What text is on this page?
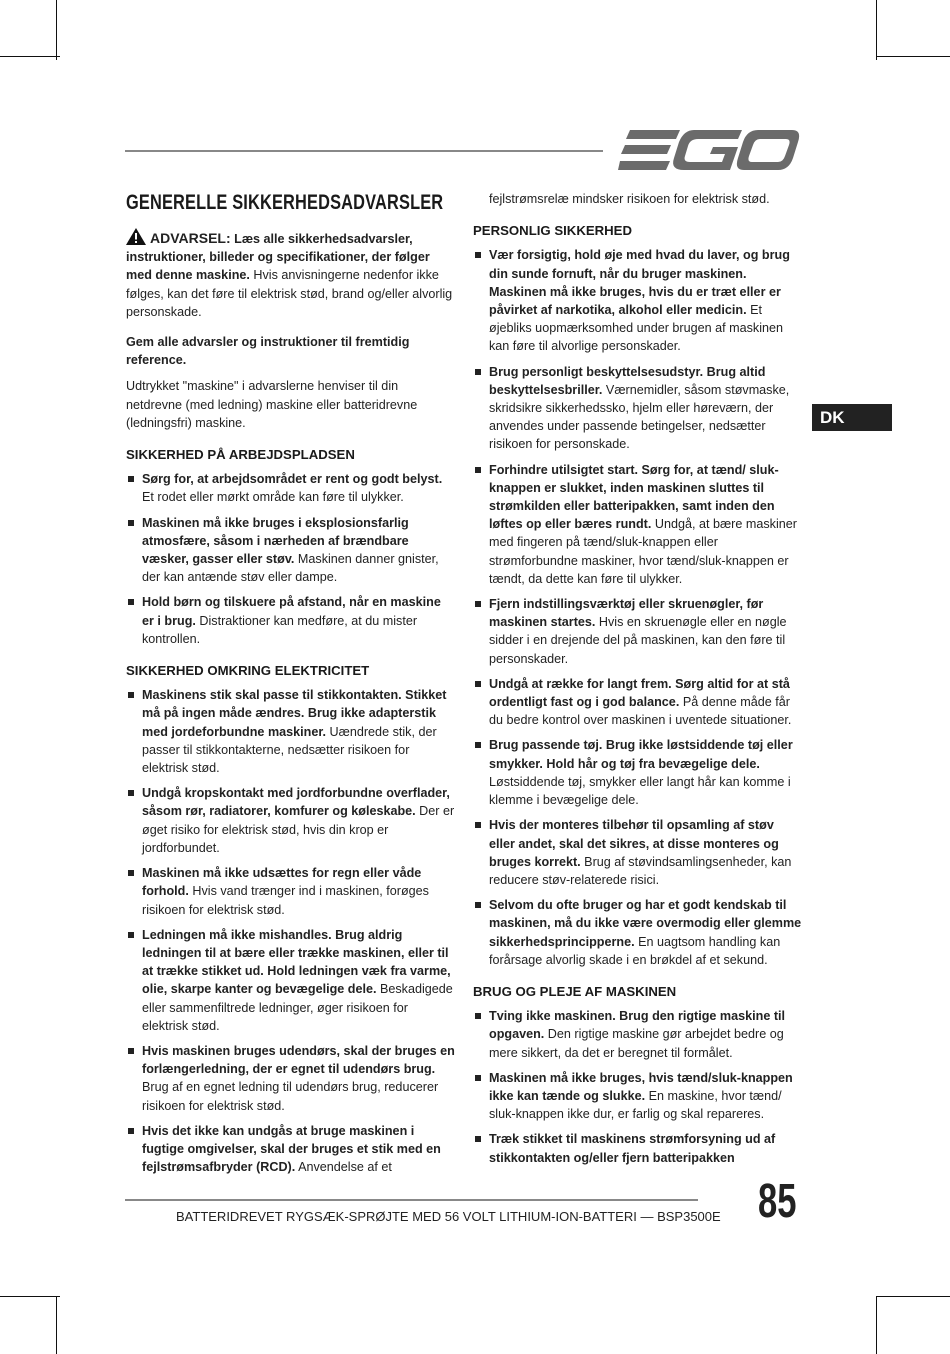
GENERELLE SIKKERHEDSADVARSLER

ADVARSEL: Læs alle sikkerhedsadvarsler, instruktioner, billeder og specifikationer, der følger med denne maskine. Hvis anvisningerne nedenfor ikke følges, kan det føre til elektrisk stød, brand og/eller alvorlig personskade.

Gem alle advarsler og instruktioner til fremtidig reference.

Udtrykket "maskine" i advarslerne henviser til din netdrevne (med ledning) maskine eller batteridrevne (ledningsfri) maskine.

SIKKERHED PÅ ARBEJDSPLADSEN
Sørg for, at arbejdsområdet er rent og godt belyst. Et rodet eller mørkt område kan føre til ulykker.
Maskinen må ikke bruges i eksplosionsfarlig atmosfære, såsom i nærheden af brændbare væsker, gasser eller støv. Maskinen danner gnister, der kan antænde støv eller dampe.
Hold børn og tilskuere på afstand, når en maskine er i brug. Distraktioner kan medføre, at du mister kontrollen.
SIKKERHED OMKRING ELEKTRICITET
Maskinens stik skal passe til stikkontakten. Stikket må på ingen måde ændres. Brug ikke adapterstik med jordeforbundne maskiner. Uændrede stik, der passer til stikkontakterne, nedsætter risikoen for elektrisk stød.
Undgå kropskontakt med jordforbundne overflader, såsom rør, radiatorer, komfurer og køleskabe. Der er øget risiko for elektrisk stød, hvis din krop er jordforbundet.
Maskinen må ikke udsættes for regn eller våde forhold. Hvis vand trænger ind i maskinen, forøges risikoen for elektrisk stød.
Ledningen må ikke mishandles. Brug aldrig ledningen til at bære eller trække maskinen, eller til at trække stikket ud. Hold ledningen væk fra varme, olie, skarpe kanter og bevægelige dele. Beskadigede eller sammenfiltrede ledninger, øger risikoen for elektrisk stød.
Hvis maskinen bruges udendørs, skal der bruges en forlængerledning, der er egnet til udendørs brug. Brug af en egnet ledning til udendørs brug, reducerer risikoen for elektrisk stød.
Hvis det ikke kan undgås at bruge maskinen i fugtige omgivelser, skal der bruges et stik med en fejlstrømsafbryder (RCD). Anvendelse af et

fejlstrømsrelæ mindsker risikoen for elektrisk stød.

PERSONLIG SIKKERHED
Vær forsigtig, hold øje med hvad du laver, og brug din sunde fornuft, når du bruger maskinen. Maskinen må ikke bruges, hvis du er træt eller er påvirket af narkotika, alkohol eller medicin. Et øjebliks uopmærksomhed under brugen af maskinen kan føre til alvorlige personskader.
Brug personligt beskyttelsesudstyr. Brug altid beskyttelsesbriller. Værnemidler, såsom støvmaske, skridsikre sikkerhedssko, hjelm eller høreværn, der anvendes under passende betingelser, nedsætter risikoen for personskade.
Forhindre utilsigtet start. Sørg for, at tænd/ sluk-knappen er slukket, inden maskinen sluttes til strømkilden eller batteripakken, samt inden den løftes op eller bæres rundt. Undgå, at bære maskiner med fingeren på tænd/sluk-knappen eller strømforbundne maskiner, hvor tænd/sluk-knappen er tændt, da dette kan føre til ulykker.
Fjern indstillingsværktøj eller skruenøgler, før maskinen startes. Hvis en skruenøgle eller en nøgle sidder i en drejende del på maskinen, kan den føre til personskader.
Undgå at række for langt frem. Sørg altid for at stå ordentligt fast og i god balance. På denne måde får du bedre kontrol over maskinen i uventede situationer.
Brug passende tøj. Brug ikke løstsiddende tøj eller smykker. Hold hår og tøj fra bevægelige dele. Løstsiddende tøj, smykker eller langt hår kan komme i klemme i bevægelige dele.
Hvis der monteres tilbehør til opsamling af støv eller andet, skal det sikres, at disse monteres og bruges korrekt. Brug af støvindsamlingsenheder, kan reducere støv-relaterede risici.
Selvom du ofte bruger og har et godt kendskab til maskinen, må du ikke være overmodig eller glemme sikkerhedsprincipperne. En uagtsom handling kan forårsage alvorlig skade i en brøkdel af et sekund.
BRUG OG PLEJE AF MASKINEN
Tving ikke maskinen. Brug den rigtige maskine til opgaven. Den rigtige maskine gør arbejdet bedre og mere sikkert, da det er beregnet til formålet.
Maskinen må ikke bruges, hvis tænd/sluk-knappen ikke kan tænde og slukke. En maskine, hvor tænd/ sluk-knappen ikke dur, er farlig og skal repareres.
Træk stikket til maskinens strømforsyning ud af stikkontakten og/eller fjern batteripakken
DK
BATTERIDREVET RYGSÆK-SPRØJTE MED 56 VOLT LITHIUM-ION-BATTERI — BSP3500E 85
